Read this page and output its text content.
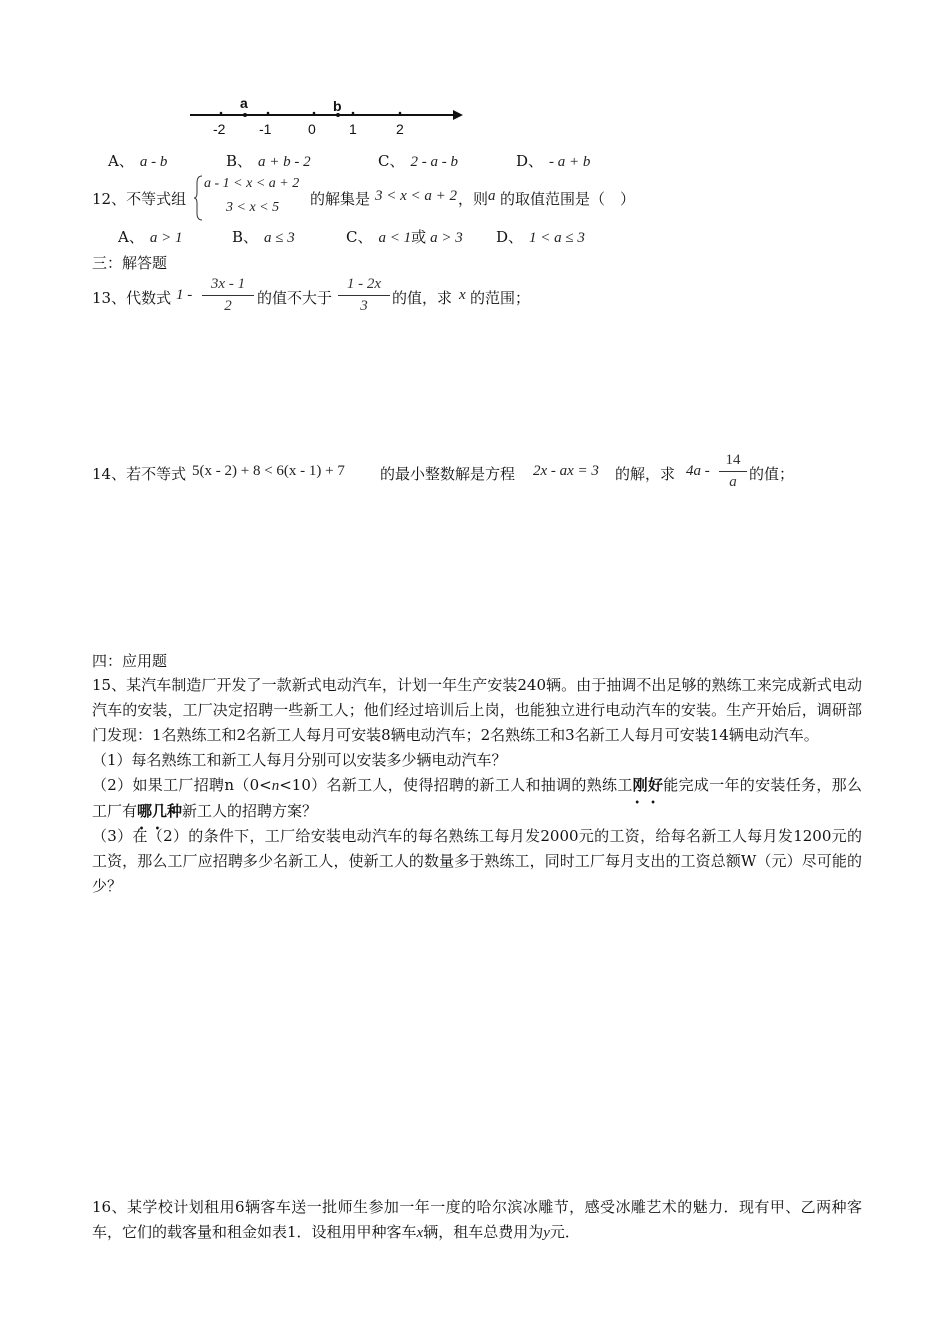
a	b
-2 -1	0 1	2
A、 a - b	B、 a + b - 2	C、 2 - a - b	D、 - a + b
12、不等式组
a - 1 < x < a + 2
3 < x < 5 的解集是 3 < x < a + 2 ，则 a 的取值范围是（　）
A、 a > 1	B、 a ≤ 3	C、 a < 1或 a > 3 D、 1 < a ≤ 3
三：解答题
13、代数式 $1 - \frac{3x - 1}{2}$ 的值不大于 $\frac{1 - 2x}{3}$ 的值，求 x 的范围；
14、若不等式 5(x - 2) + 8 < 6(x - 1) + 7 的最小整数解是方程 2x - ax = 3 的解，求 $4a - \frac{14}{a}$ 的值；
四：应用题

15、某汽车制造厂开发了一款新式电动汽车，计划一年生产安装240辆。由于抽调不出足够的熟练工来完成新式电动汽车的安装，工厂决定招聘一些新工人；他们经过培训后上岗，也能独立进行电动汽车的安装。生产开始后，调研部门发现：1名熟练工和2名新工人每月可安装8辆电动汽车；2名熟练工和3名新工人每月可安装14辆电动汽车。

（1）每名熟练工和新工人每月分别可以安装多少辆电动汽车？

（2）如果工厂招聘n（0<n<10）名新工人，使得招聘的新工人和抽调的熟练工刚好 • •能完成一年的安装任务，那么工厂有哪几种 • •新工人的招聘方案？

（3）在（2）的条件下，工厂给安装电动汽车的每名熟练工每月发2000元的工资，给每名新工人每月发1200元的工资，那么工厂应招聘多少名新工人，使新工人的数量多于熟练工，同时工厂每月支出的工资总额W（元）尽可能的少？

16、某学校计划租用6辆客车送一批师生参加一年一度的哈尔滨冰雕节，感受冰雕艺术的魅力．现有甲、乙两种客车，它们的载客量和租金如表1．设租用甲种客车x辆，租车总费用为y元．
